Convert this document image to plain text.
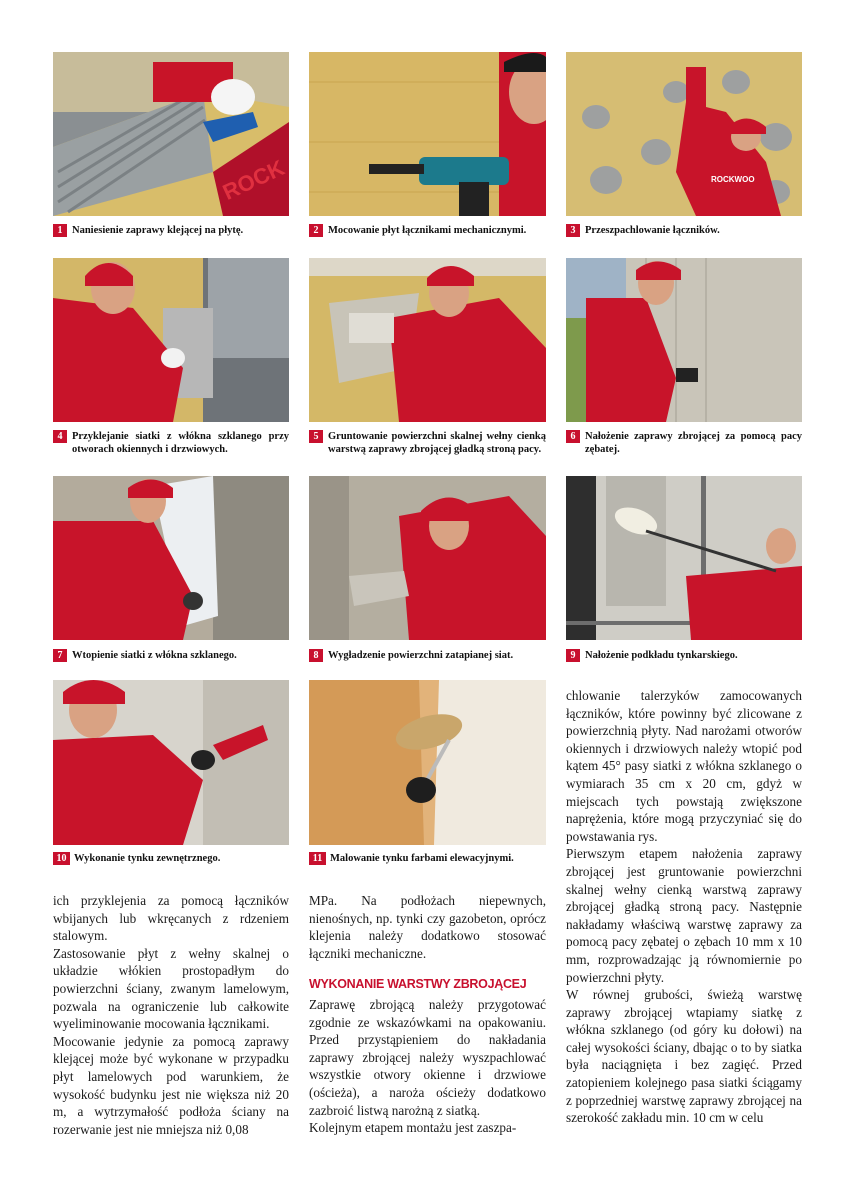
ROCK	ROCKWOO
1 Naniesienie zaprawy klejącej na płytę.	2 Mocowanie płyt łącznikami mechanicznymi.	3 Przeszpachlowanie łączników.
4 Przyklejanie siatki z włókna szklanego przy otworach okiennych i drzwiowych.
5 Gruntowanie powierzchni skalnej wełny cienką warstwą zaprawy zbrojącej gładką stroną pacy.
6 Nałożenie zaprawy zbrojącej za pomocą pacy zębatej.
7 Wtopienie siatki z włókna szklanego.	8 Wygładzenie powierzchni zatapianej siat.	9 Nałożenie podkładu tynkarskiego.
10 Wykonanie tynku zewnętrznego.	11 Malowanie tynku farbami elewacyjnymi.

ich przyklejenia za pomocą łączników wbijanych lub wkręcanych z rdzeniem stalowym.

Zastosowanie płyt z wełny skalnej o układzie włókien prostopadłym do powierzchni ściany, zwanym lamelowym, pozwala na ograniczenie lub całkowite wyeliminowanie mocowania łącznikami.

Mocowanie jedynie za pomocą zaprawy klejącej może być wykonane w przypadku płyt lamelowych pod warunkiem, że wysokość budynku jest nie większa niż 20 m, a wytrzymałość podłoża ściany na rozerwanie jest nie mniejsza niż 0,08

MPa. Na podłożach niepewnych, nienośnych, np. tynki czy gazobeton, oprócz klejenia należy dodatkowo stosować łączniki mechaniczne.

WYKONANIE WARSTWY ZBROJĄCEJ

Zaprawę zbrojącą należy przygotować zgodnie ze wskazówkami na opakowaniu. Przed przystąpieniem do nakładania zaprawy zbrojącej należy wyszpachlować wszystkie otwory okienne i drzwiowe (ościeża), a naroża ościeży dodatkowo zazbroić listwą narożną z siatką.

Kolejnym etapem montażu jest zaszpa-

chlowanie talerzyków zamocowanych łączników, które powinny być zlicowane z powierzchnią płyty. Nad narożami otworów okiennych i drzwiowych należy wtopić pod kątem 45° pasy siatki z włókna szklanego o wymiarach 35 cm x 20 cm, gdyż w miejscach tych powstają zwiększone naprężenia, które mogą przyczyniać się do powstawania rys.

Pierwszym etapem nałożenia zaprawy zbrojącej jest gruntowanie powierzchni skalnej wełny cienką warstwą zaprawy zbrojącej gładką stroną pacy. Następnie nakładamy właściwą warstwę zaprawy za pomocą pacy zębatej o zębach 10 mm x 10 mm, rozprowadzając ją równomiernie po powierzchni płyty.

W równej grubości, świeżą warstwę zaprawy zbrojącej wtapiamy siatkę z włókna szklanego (od góry ku dołowi) na całej wysokości ściany, dbając o to by siatka była naciągnięta i bez zagięć. Przed zatopieniem kolejnego pasa siatki ściągamy z poprzedniej warstwę zaprawy zbrojącej na szerokość zakładu min. 10 cm w celu
